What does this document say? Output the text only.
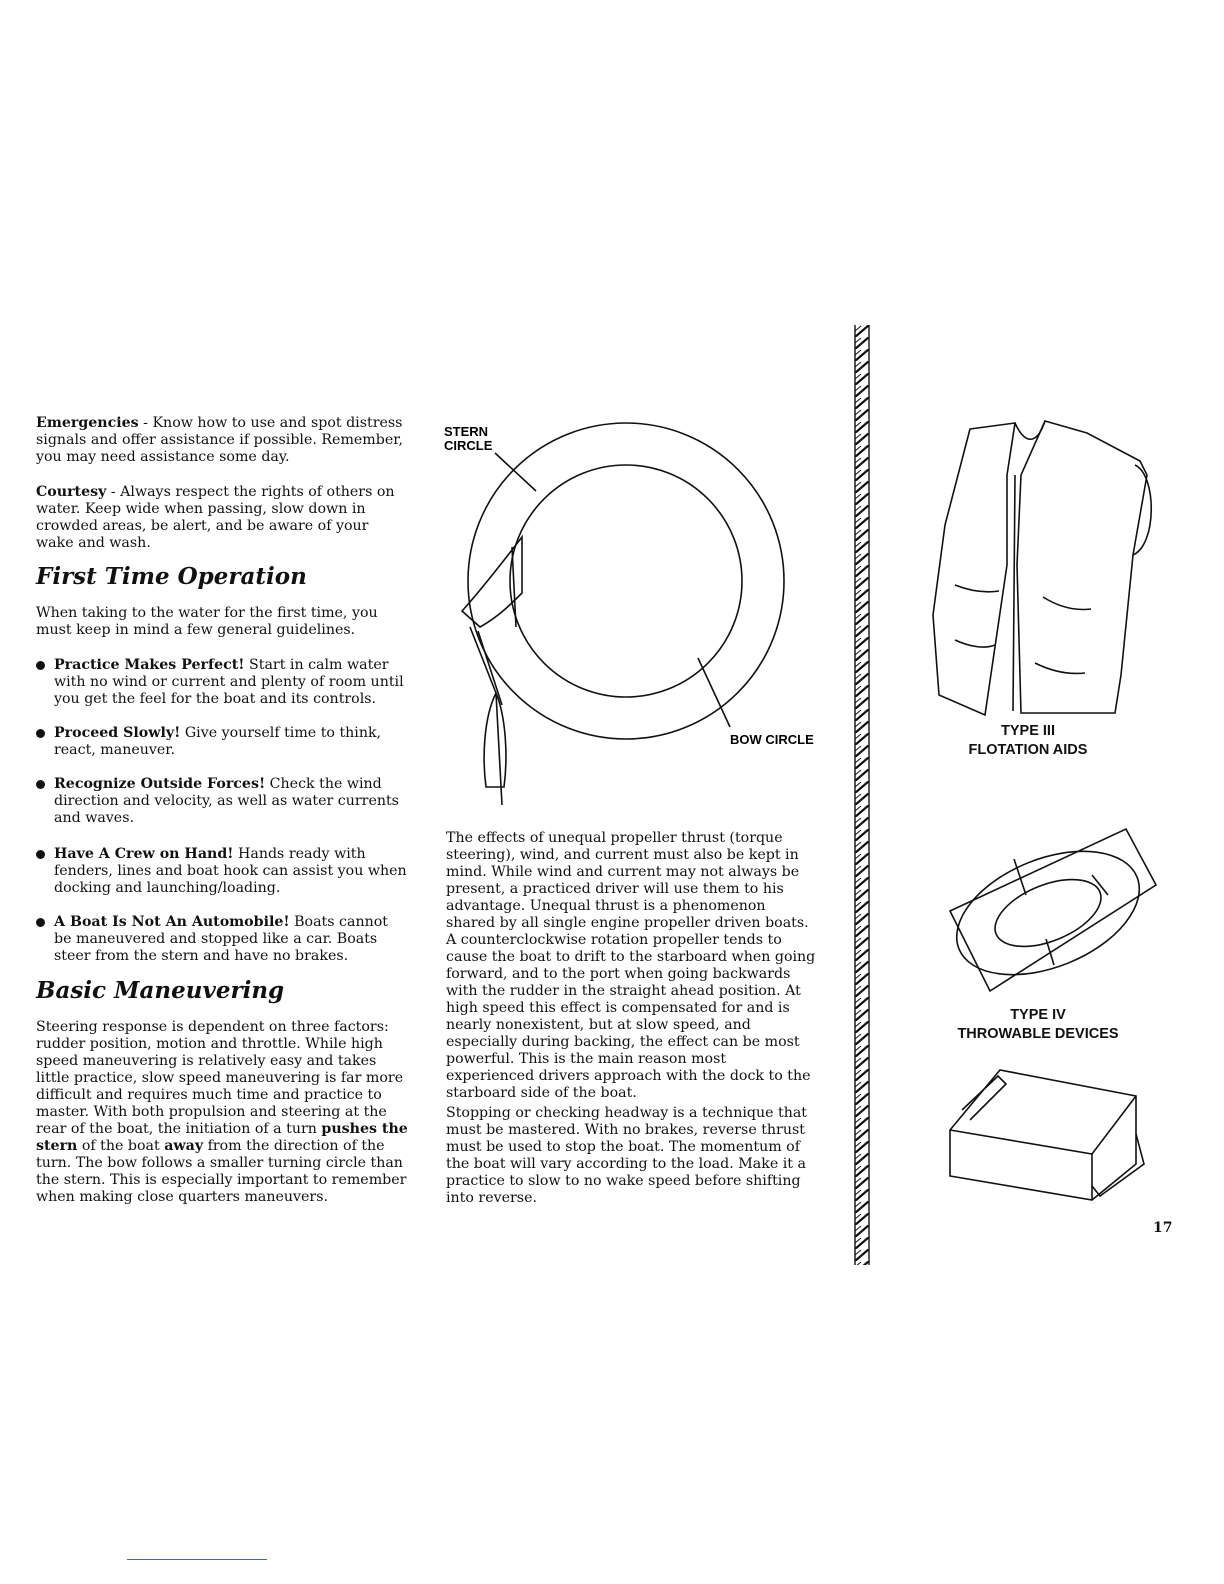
Emergencies - Know how to use and spot distress signals and offer assistance if possible. Remember, you may need assistance some day.

Courtesy - Always respect the rights of others on water. Keep wide when passing, slow down in crowded areas, be alert, and be aware of your wake and wash.

First Time Operation
When taking to the water for the first time, you must keep in mind a few general guidelines.
Practice Makes Perfect! Start in calm water with no wind or current and plenty of room until you get the feel for the boat and its controls.
Proceed Slowly! Give yourself time to think, react, maneuver.
Recognize Outside Forces! Check the wind direction and velocity, as well as water currents and waves.
Have A Crew on Hand! Hands ready with fenders, lines and boat hook can assist you when docking and launching/loading.
A Boat Is Not An Automobile! Boats cannot be maneuvered and stopped like a car. Boats steer from the stern and have no brakes.
Basic Maneuvering
Steering response is dependent on three factors: rudder position, motion and throttle. While high speed maneuvering is relatively easy and takes little practice, slow speed maneuvering is far more difficult and requires much time and practice to master. With both propulsion and steering at the rear of the boat, the initiation of a turn pushes the stern of the boat away from the direction of the turn. The bow follows a smaller turning circle than the stern. This is especially important to remember when making close quarters maneuvers.
STERN
CIRCLE
BOW CIRCLE
The effects of unequal propeller thrust (torque steering), wind, and current must also be kept in mind. While wind and current may not always be present, a practiced driver will use them to his advantage. Unequal thrust is a phenomenon shared by all single engine propeller driven boats. A counterclockwise rotation propeller tends to cause the boat to drift to the starboard when going forward, and to the port when going backwards with the rudder in the straight ahead position. At high speed this effect is compensated for and is nearly nonexistent, but at slow speed, and especially during backing, the effect can be most powerful. This is the main reason most experienced drivers approach with the dock to the starboard side of the boat.
Stopping or checking headway is a technique that must be mastered. With no brakes, reverse thrust must be used to stop the boat. The momentum of the boat will vary according to the load. Make it a practice to slow to no wake speed before shifting into reverse.
TYPE III
FLOTATION AIDS
TYPE IV
THROWABLE DEVICES
17
